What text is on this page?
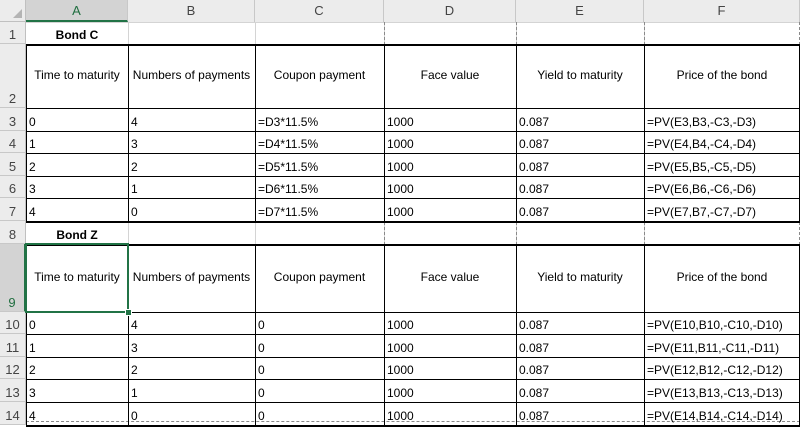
A	B	C	D	E	F
1
2
3
4
5
6
7
8
9
10
11
12
13
14
Bond C
Time to maturity	Numbers of payments	Coupon payment	Face value	Yield to maturity	Price of the bond
0	4	=D3*11.5%	1000	0.087	=PV(E3,B3,-C3,-D3)
1	3	=D4*11.5%	1000	0.087	=PV(E4,B4,-C4,-D4)
2	2	=D5*11.5%	1000	0.087	=PV(E5,B5,-C5,-D5)
3	1	=D6*11.5%	1000	0.087	=PV(E6,B6,-C6,-D6)
4	0	=D7*11.5%	1000	0.087	=PV(E7,B7,-C7,-D7)
Bond Z
Time to maturity	Numbers of payments	Coupon payment	Face value	Yield to maturity	Price of the bond
0	4	0	1000	0.087	=PV(E10,B10,-C10,-D10)
1	3	0	1000	0.087	=PV(E11,B11,-C11,-D11)
2	2	0	1000	0.087	=PV(E12,B12,-C12,-D12)
3	1	0	1000	0.087	=PV(E13,B13,-C13,-D13)
4	0	0	1000	0.087	=PV(E14,B14,-C14,-D14)
